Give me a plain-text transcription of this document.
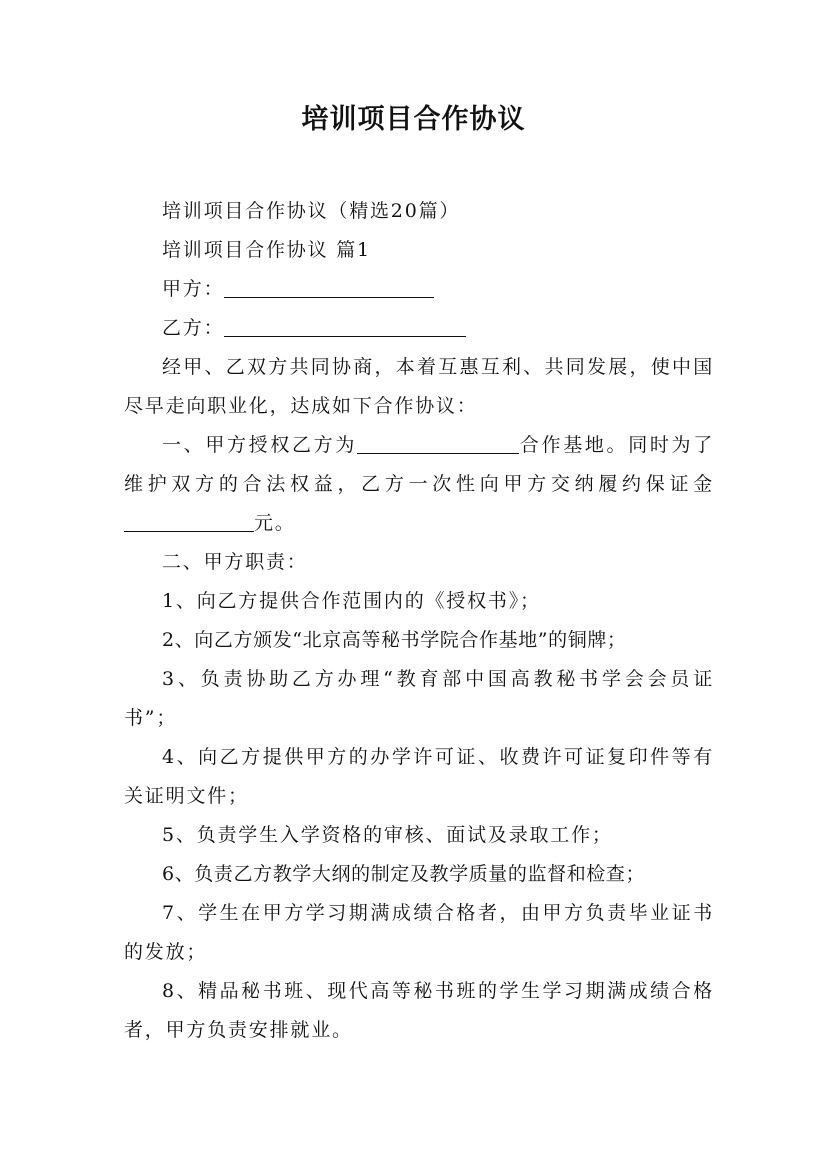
培训项目合作协议

培训项目合作协议（精选20篇）

培训项目合作协议 篇1

甲方：

乙方：

经甲、乙双方共同协商，本着互惠互利、共同发展，使中国尽早走向职业化，达成如下合作协议：

一、甲方授权乙方为	合作基地。同时为了维护双方的合法权益，乙方一次性向甲方交纳履约保证金元。

二、甲方职责：

1、向乙方提供合作范围内的《授权书》；

2、向乙方颁发“北京高等秘书学院合作基地”的铜牌；

3、负责协助乙方办理“教育部中国高教秘书学会会员证书”；

4、向乙方提供甲方的办学许可证、收费许可证复印件等有关证明文件；

5、负责学生入学资格的审核、面试及录取工作；

6、负责乙方教学大纲的制定及教学质量的监督和检查；

7、学生在甲方学习期满成绩合格者，由甲方负责毕业证书的发放；

8、精品秘书班、现代高等秘书班的学生学习期满成绩合格者，甲方负责安排就业。
